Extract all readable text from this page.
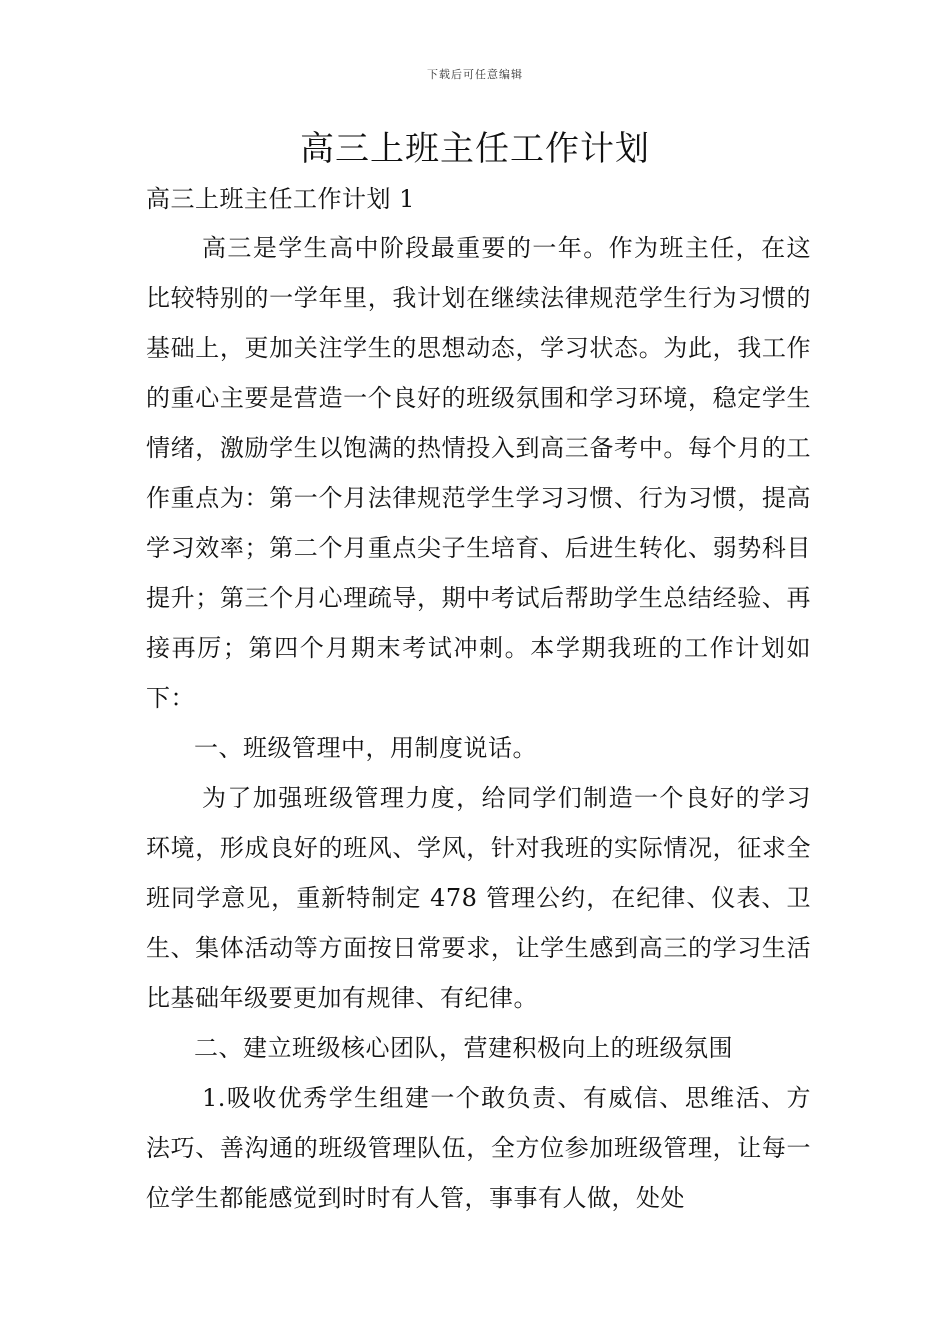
下载后可任意编辑
高三上班主任工作计划

高三上班主任工作计划 1

高三是学生高中阶段最重要的一年。作为班主任，在这比较特别的一学年里，我计划在继续法律规范学生行为习惯的基础上，更加关注学生的思想动态，学习状态。为此，我工作的重心主要是营造一个良好的班级氛围和学习环境，稳定学生情绪，激励学生以饱满的热情投入到高三备考中。每个月的工作重点为：第一个月法律规范学生学习习惯、行为习惯，提高学习效率；第二个月重点尖子生培育、后进生转化、弱势科目提升；第三个月心理疏导，期中考试后帮助学生总结经验、再接再厉；第四个月期末考试冲刺。本学期我班的工作计划如下：

一、班级管理中，用制度说话。

为了加强班级管理力度，给同学们制造一个良好的学习环境，形成良好的班风、学风，针对我班的实际情况，征求全班同学意见，重新特制定 478 管理公约，在纪律、仪表、卫生、集体活动等方面按日常要求，让学生感到高三的学习生活比基础年级要更加有规律、有纪律。

二、建立班级核心团队，营建积极向上的班级氛围

1.吸收优秀学生组建一个敢负责、有威信、思维活、方法巧、善沟通的班级管理队伍，全方位参加班级管理，让每一位学生都能感觉到时时有人管，事事有人做，处处
